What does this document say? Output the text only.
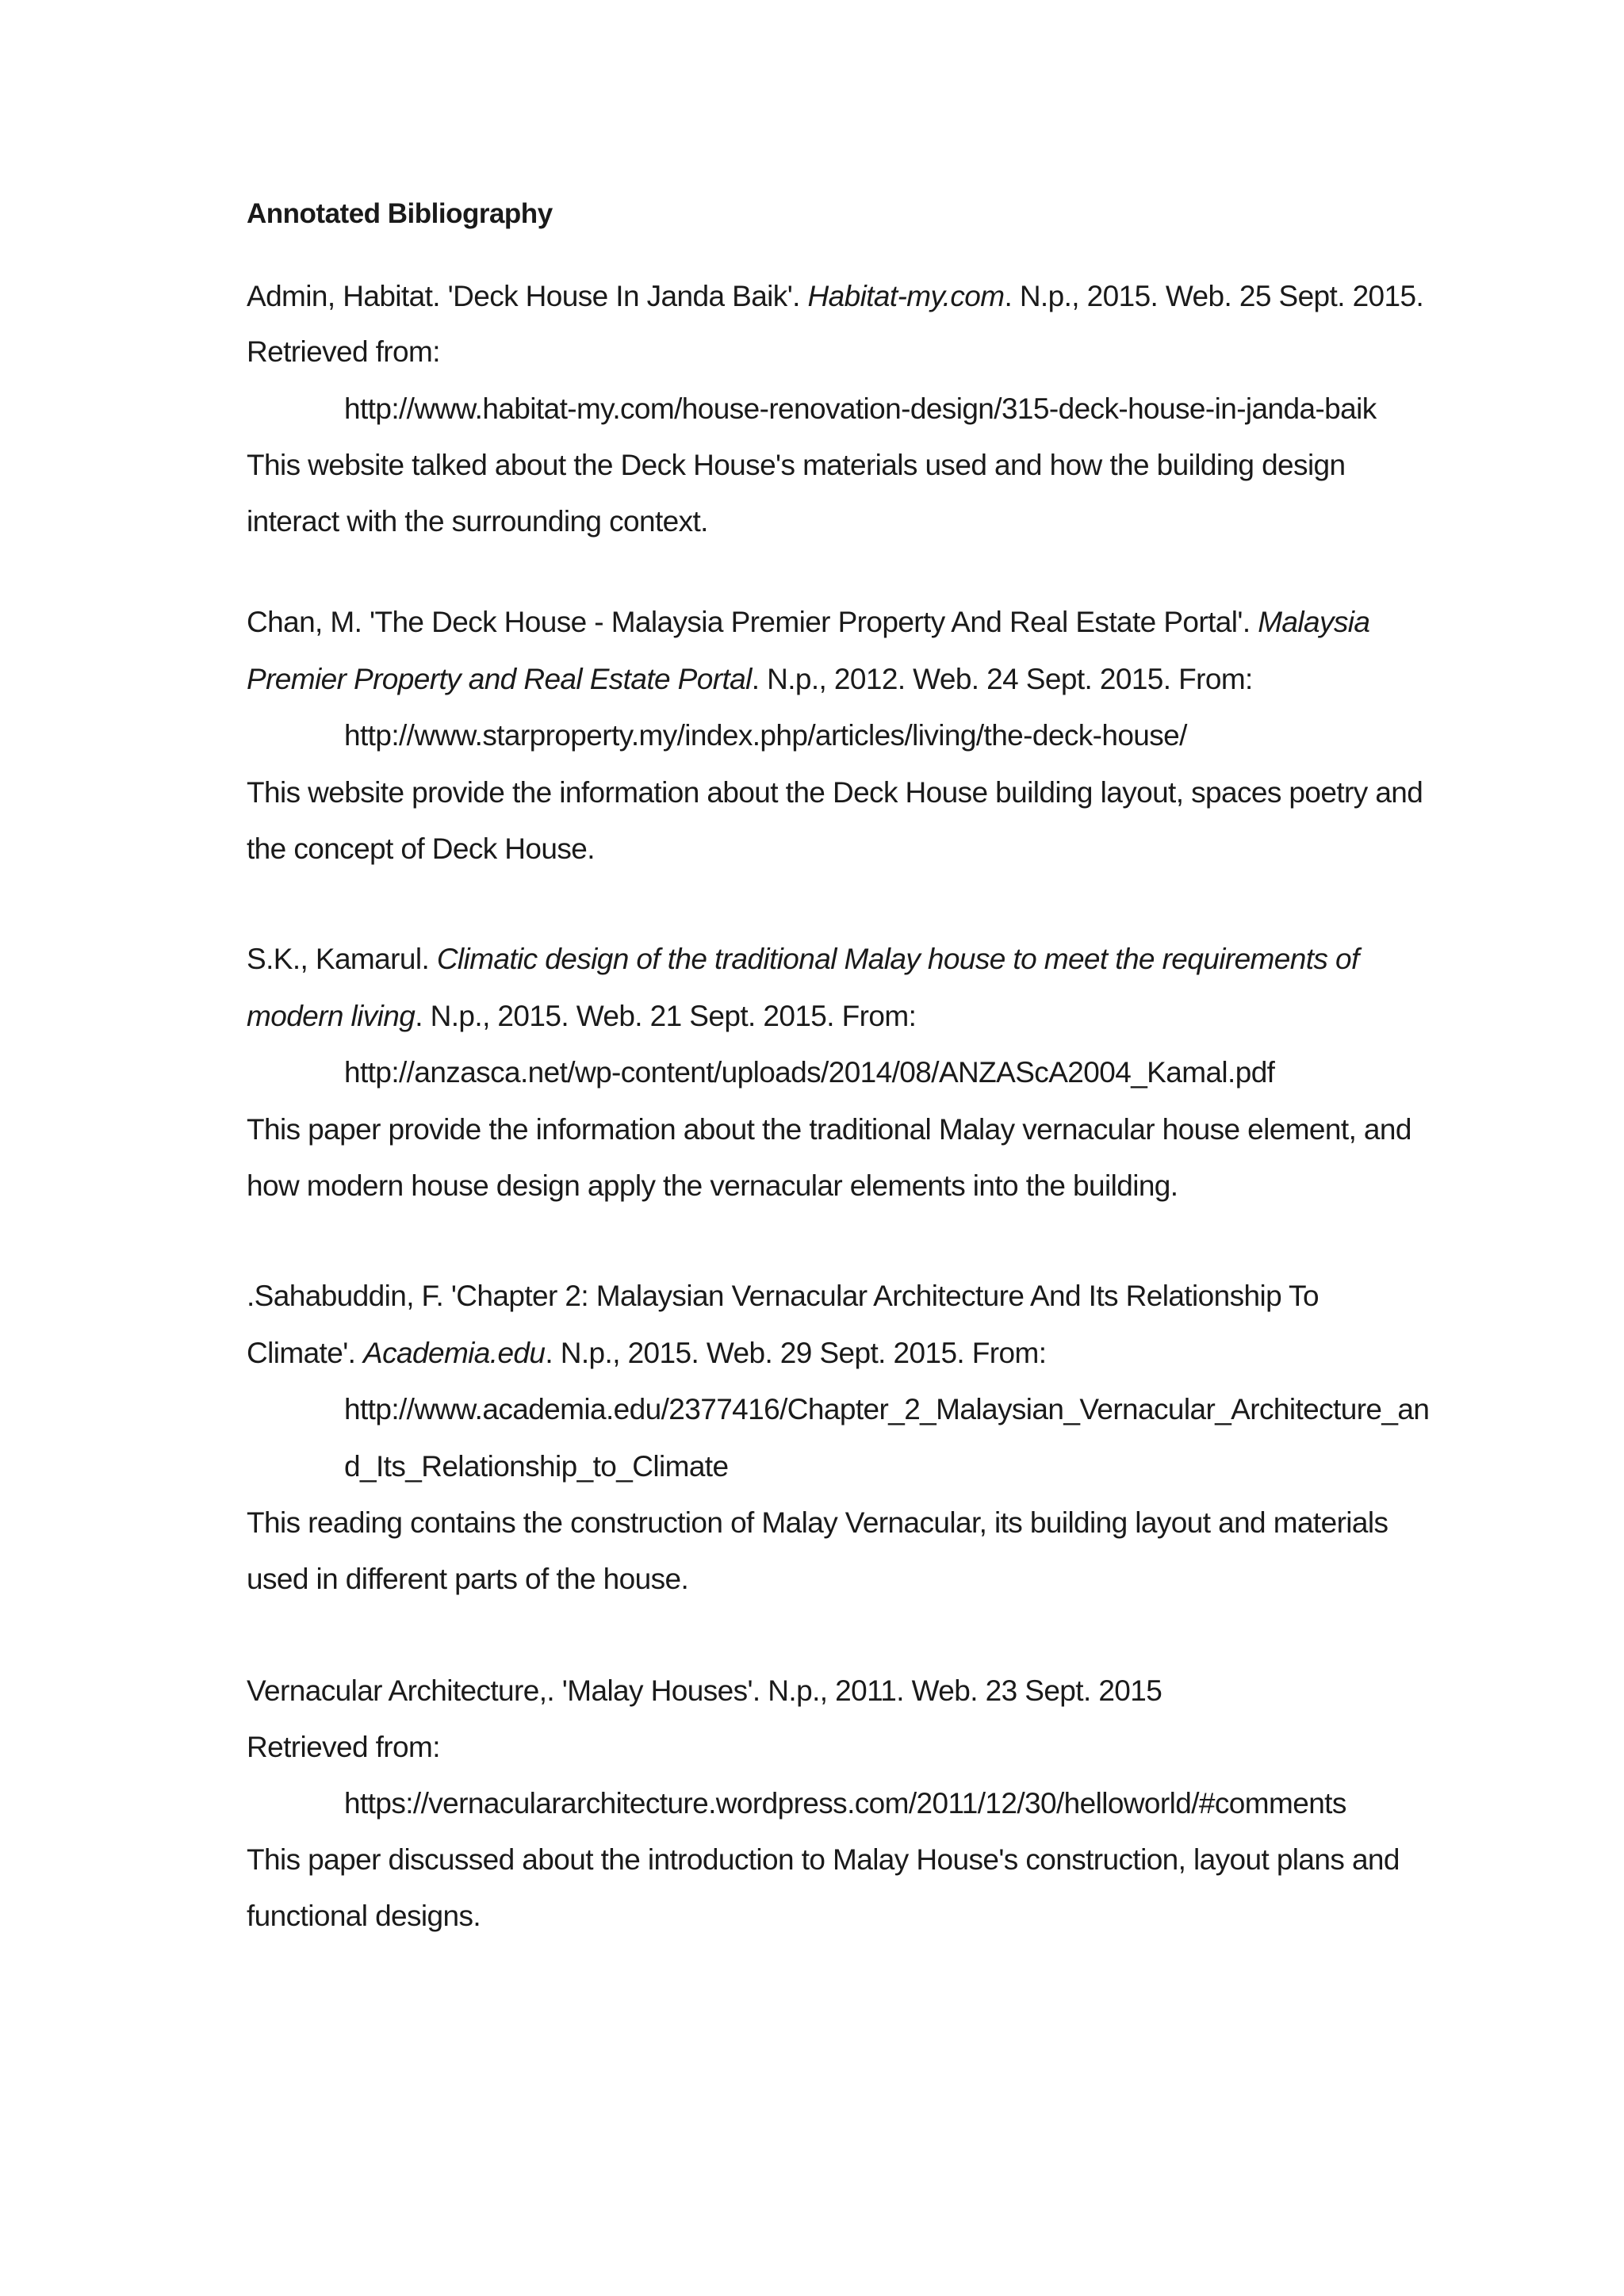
Annotated Bibliography
Admin, Habitat. 'Deck House In Janda Baik'. Habitat-my.com. N.p., 2015. Web. 25 Sept. 2015.
Retrieved from:
http://www.habitat-my.com/house-renovation-design/315-deck-house-in-janda-baik
This website talked about the Deck House's materials used and how the building design
interact with the surrounding context.
Chan, M. 'The Deck House - Malaysia Premier Property And Real Estate Portal'. Malaysia
Premier Property and Real Estate Portal. N.p., 2012. Web. 24 Sept. 2015. From:
http://www.starproperty.my/index.php/articles/living/the-deck-house/
This website provide the information about the Deck House building layout, spaces poetry and
the concept of Deck House.
S.K., Kamarul. Climatic design of the traditional Malay house to meet the requirements of
modern living. N.p., 2015. Web. 21 Sept. 2015. From:
http://anzasca.net/wp-content/uploads/2014/08/ANZAScA2004_Kamal.pdf
This paper provide the information about the traditional Malay vernacular house element, and
how modern house design apply the vernacular elements into the building.
.Sahabuddin, F. 'Chapter 2: Malaysian Vernacular Architecture And Its Relationship To
Climate'. Academia.edu. N.p., 2015. Web. 29 Sept. 2015. From:
http://www.academia.edu/2377416/Chapter_2_Malaysian_Vernacular_Architecture_an
d_Its_Relationship_to_Climate
This reading contains the construction of Malay Vernacular, its building layout and materials
used in different parts of the house.
Vernacular Architecture,. 'Malay Houses'. N.p., 2011. Web. 23 Sept. 2015
Retrieved from:
https://vernaculararchitecture.wordpress.com/2011/12/30/helloworld/#comments
This paper discussed about the introduction to Malay House's construction, layout plans and
functional designs.
